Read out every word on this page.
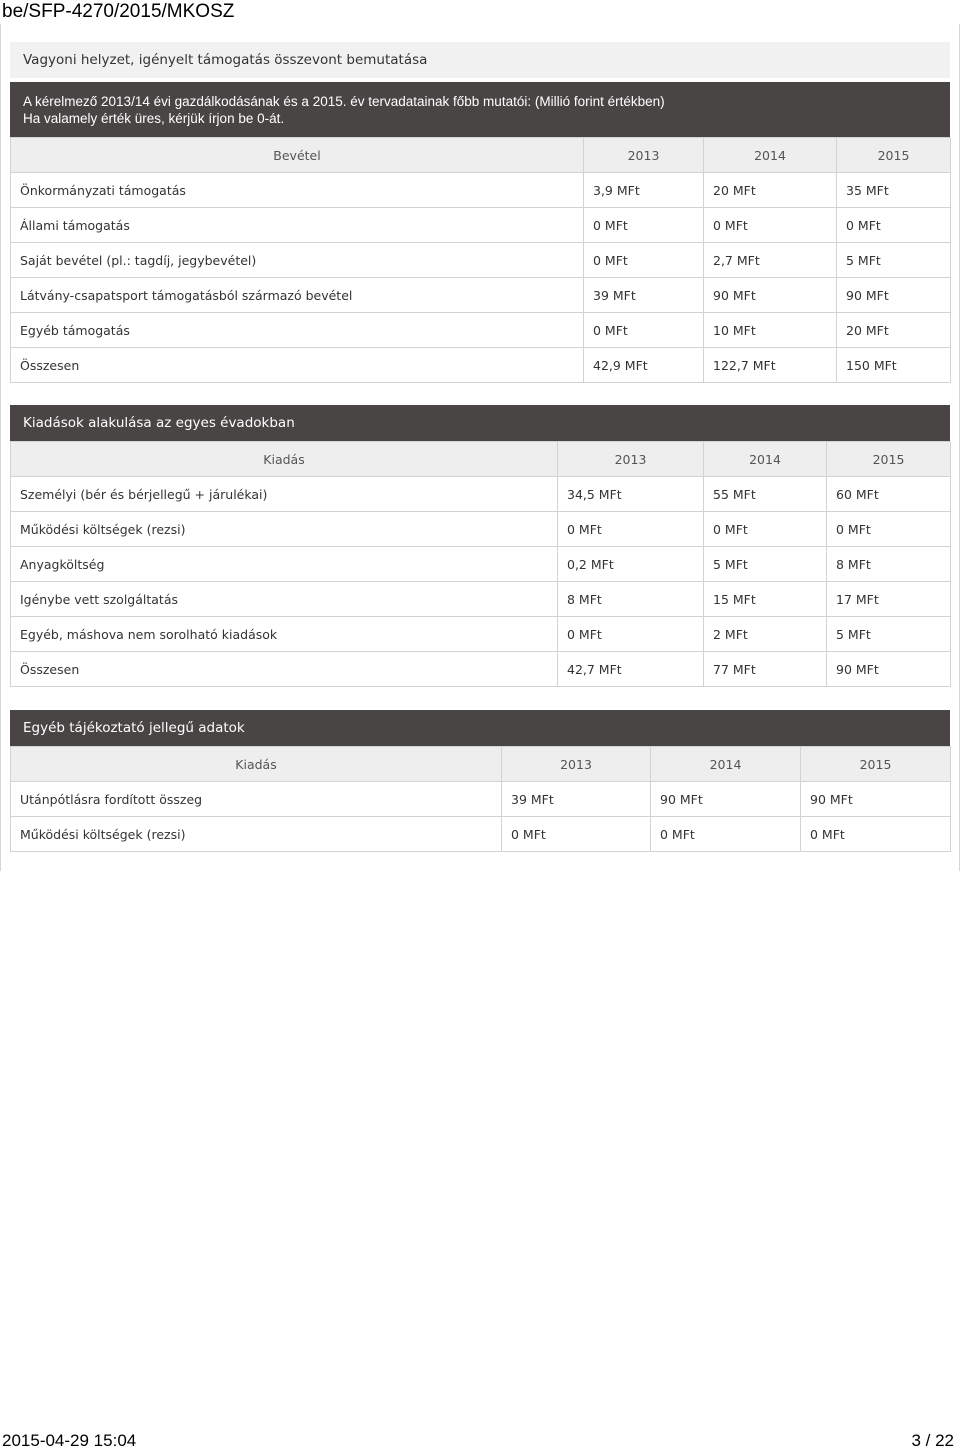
be/SFP-4270/2015/MKOSZ
Vagyoni helyzet, igényelt támogatás összevont bemutatása
A kérelmező 2013/14 évi gazdálkodásának és a 2015. év tervadatainak főbb mutatói: (Millió forint értékben)
Ha valamely érték üres, kérjük írjon be 0-át.
Bevétel	2013	2014	2015
Önkormányzati támogatás	3,9 MFt	20 MFt	35 MFt
Állami támogatás	0 MFt	0 MFt	0 MFt
Saját bevétel (pl.: tagdíj, jegybevétel)	0 MFt	2,7 MFt	5 MFt
Látvány-csapatsport támogatásból származó bevétel	39 MFt	90 MFt	90 MFt
Egyéb támogatás	0 MFt	10 MFt	20 MFt
Összesen	42,9 MFt	122,7 MFt	150 MFt
Kiadások alakulása az egyes évadokban
Kiadás	2013	2014	2015
Személyi (bér és bérjellegű + járulékai)	34,5 MFt	55 MFt	60 MFt
Működési költségek (rezsi)	0 MFt	0 MFt	0 MFt
Anyagköltség	0,2 MFt	5 MFt	8 MFt
Igénybe vett szolgáltatás	8 MFt	15 MFt	17 MFt
Egyéb, máshova nem sorolható kiadások	0 MFt	2 MFt	5 MFt
Összesen	42,7 MFt	77 MFt	90 MFt
Egyéb tájékoztató jellegű adatok
Kiadás	2013	2014	2015
Utánpótlásra fordított összeg	39 MFt	90 MFt	90 MFt
Működési költségek (rezsi)	0 MFt	0 MFt	0 MFt
2015-04-29 15:04	3 / 22
